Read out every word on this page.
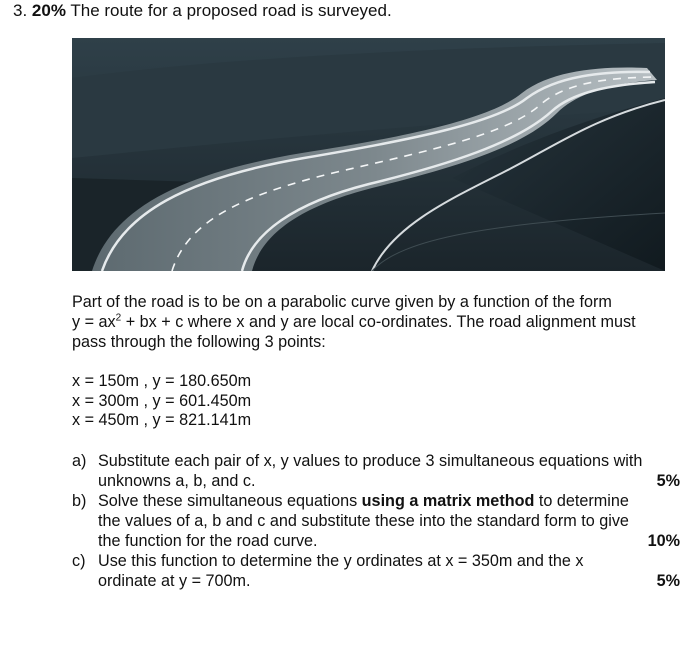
3. 20% The route for a proposed road is surveyed.
Part of the road is to be on a parabolic curve given by a function of the form
$y = ax^2$ + bx + c where x and y are local co-ordinates. The road alignment must
pass through the following 3 points:
x = 150m , y = 180.650m
x = 300m , y = 601.450m
x = 450m , y = 821.141m
a) Substitute each pair of x, y values to produce 3 simultaneous equations with
unknowns a, b, and c.	5%
b) Solve these simultaneous equations using a matrix method to determine
the values of a, b and c and substitute these into the standard form to give
the function for the road curve.	10%
c) Use this function to determine the y ordinates at x = 350m and the x
ordinate at y = 700m.	5%
